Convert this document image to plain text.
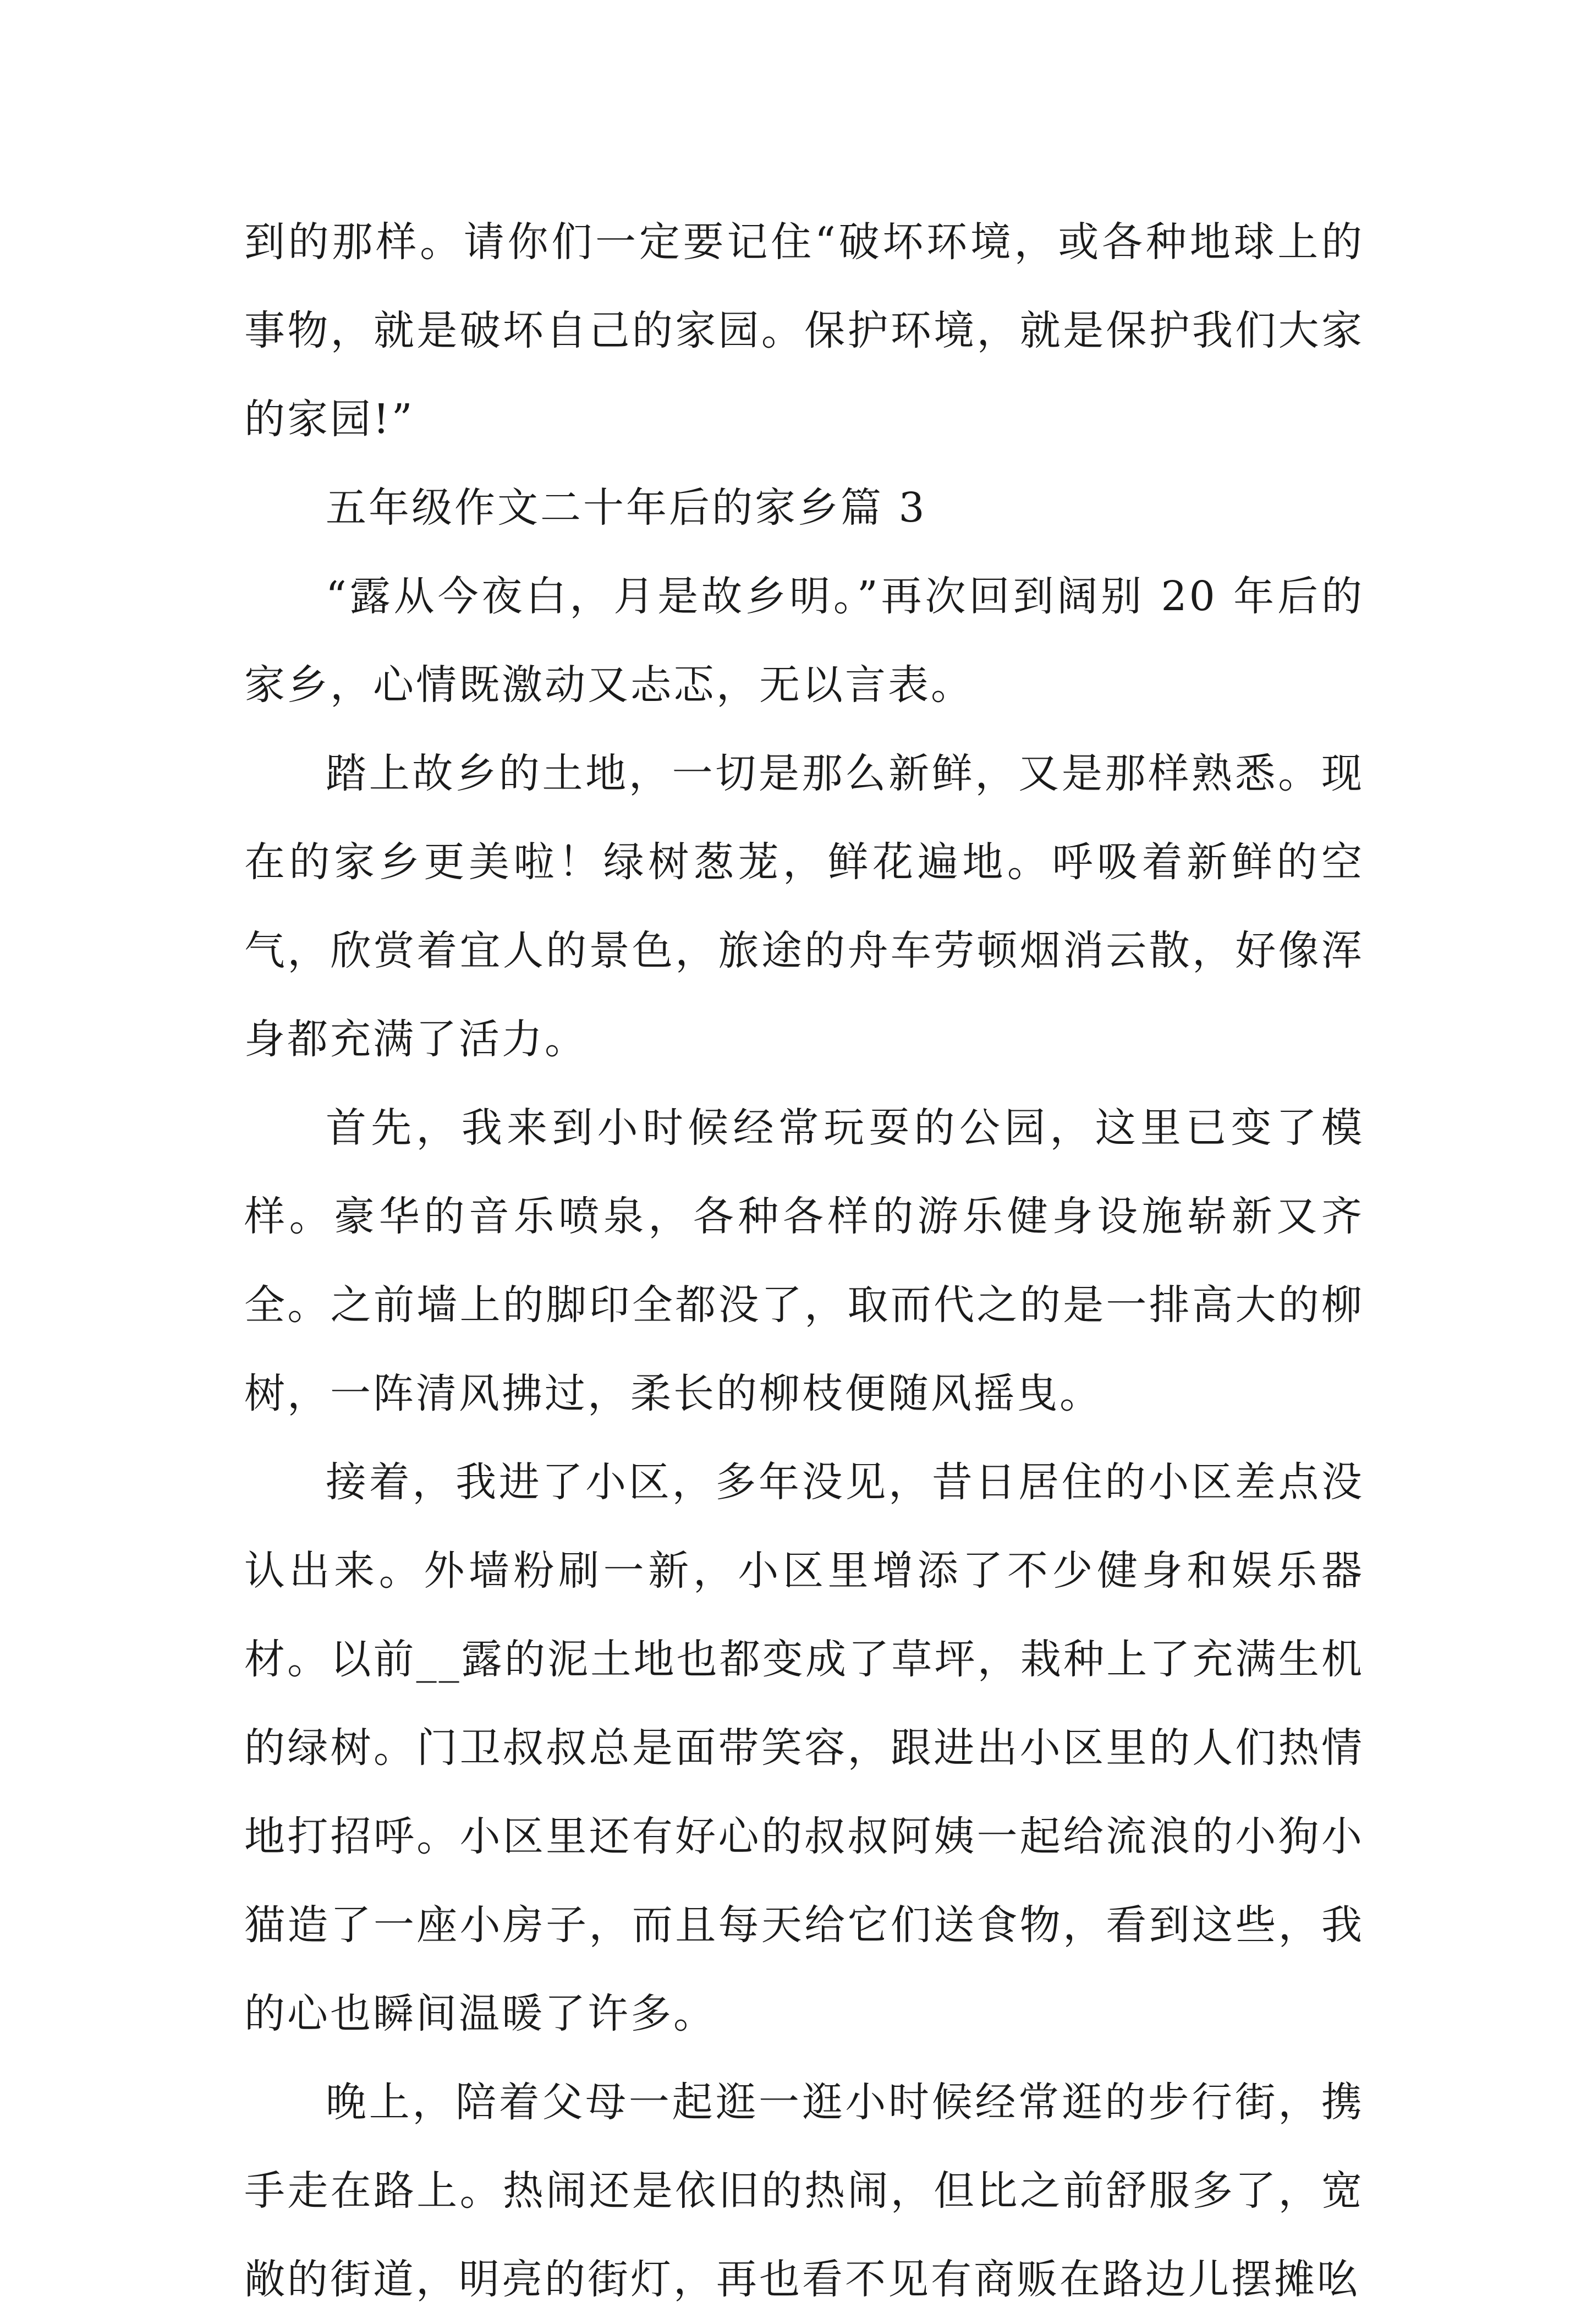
到的那样。请你们一定要记住“破坏环境，或各种地球上的事物，就是破坏自己的家园。保护环境，就是保护我们大家的家园!”

五年级作文二十年后的家乡篇 3

“露从今夜白，月是故乡明。”再次回到阔别 20 年后的家乡，心情既激动又忐忑，无以言表。

踏上故乡的土地，一切是那么新鲜，又是那样熟悉。现在的家乡更美啦！绿树葱茏，鲜花遍地。呼吸着新鲜的空气，欣赏着宜人的景色，旅途的舟车劳顿烟消云散，好像浑身都充满了活力。

首先，我来到小时候经常玩耍的公园，这里已变了模样。豪华的音乐喷泉，各种各样的游乐健身设施崭新又齐全。之前墙上的脚印全都没了，取而代之的是一排高大的柳树，一阵清风拂过，柔长的柳枝便随风摇曳。

接着，我进了小区，多年没见，昔日居住的小区差点没认出来。外墙粉刷一新，小区里增添了不少健身和娱乐器材。以前__露的泥土地也都变成了草坪，栽种上了充满生机的绿树。门卫叔叔总是面带笑容，跟进出小区里的人们热情地打招呼。小区里还有好心的叔叔阿姨一起给流浪的小狗小猫造了一座小房子，而且每天给它们送食物，看到这些，我的心也瞬间温暖了许多。

晚上，陪着父母一起逛一逛小时候经常逛的步行街，携手走在路上。热闹还是依旧的热闹，但比之前舒服多了，宽敞的街道，明亮的街灯，再也看不见有商贩在路边儿摆摊吆
